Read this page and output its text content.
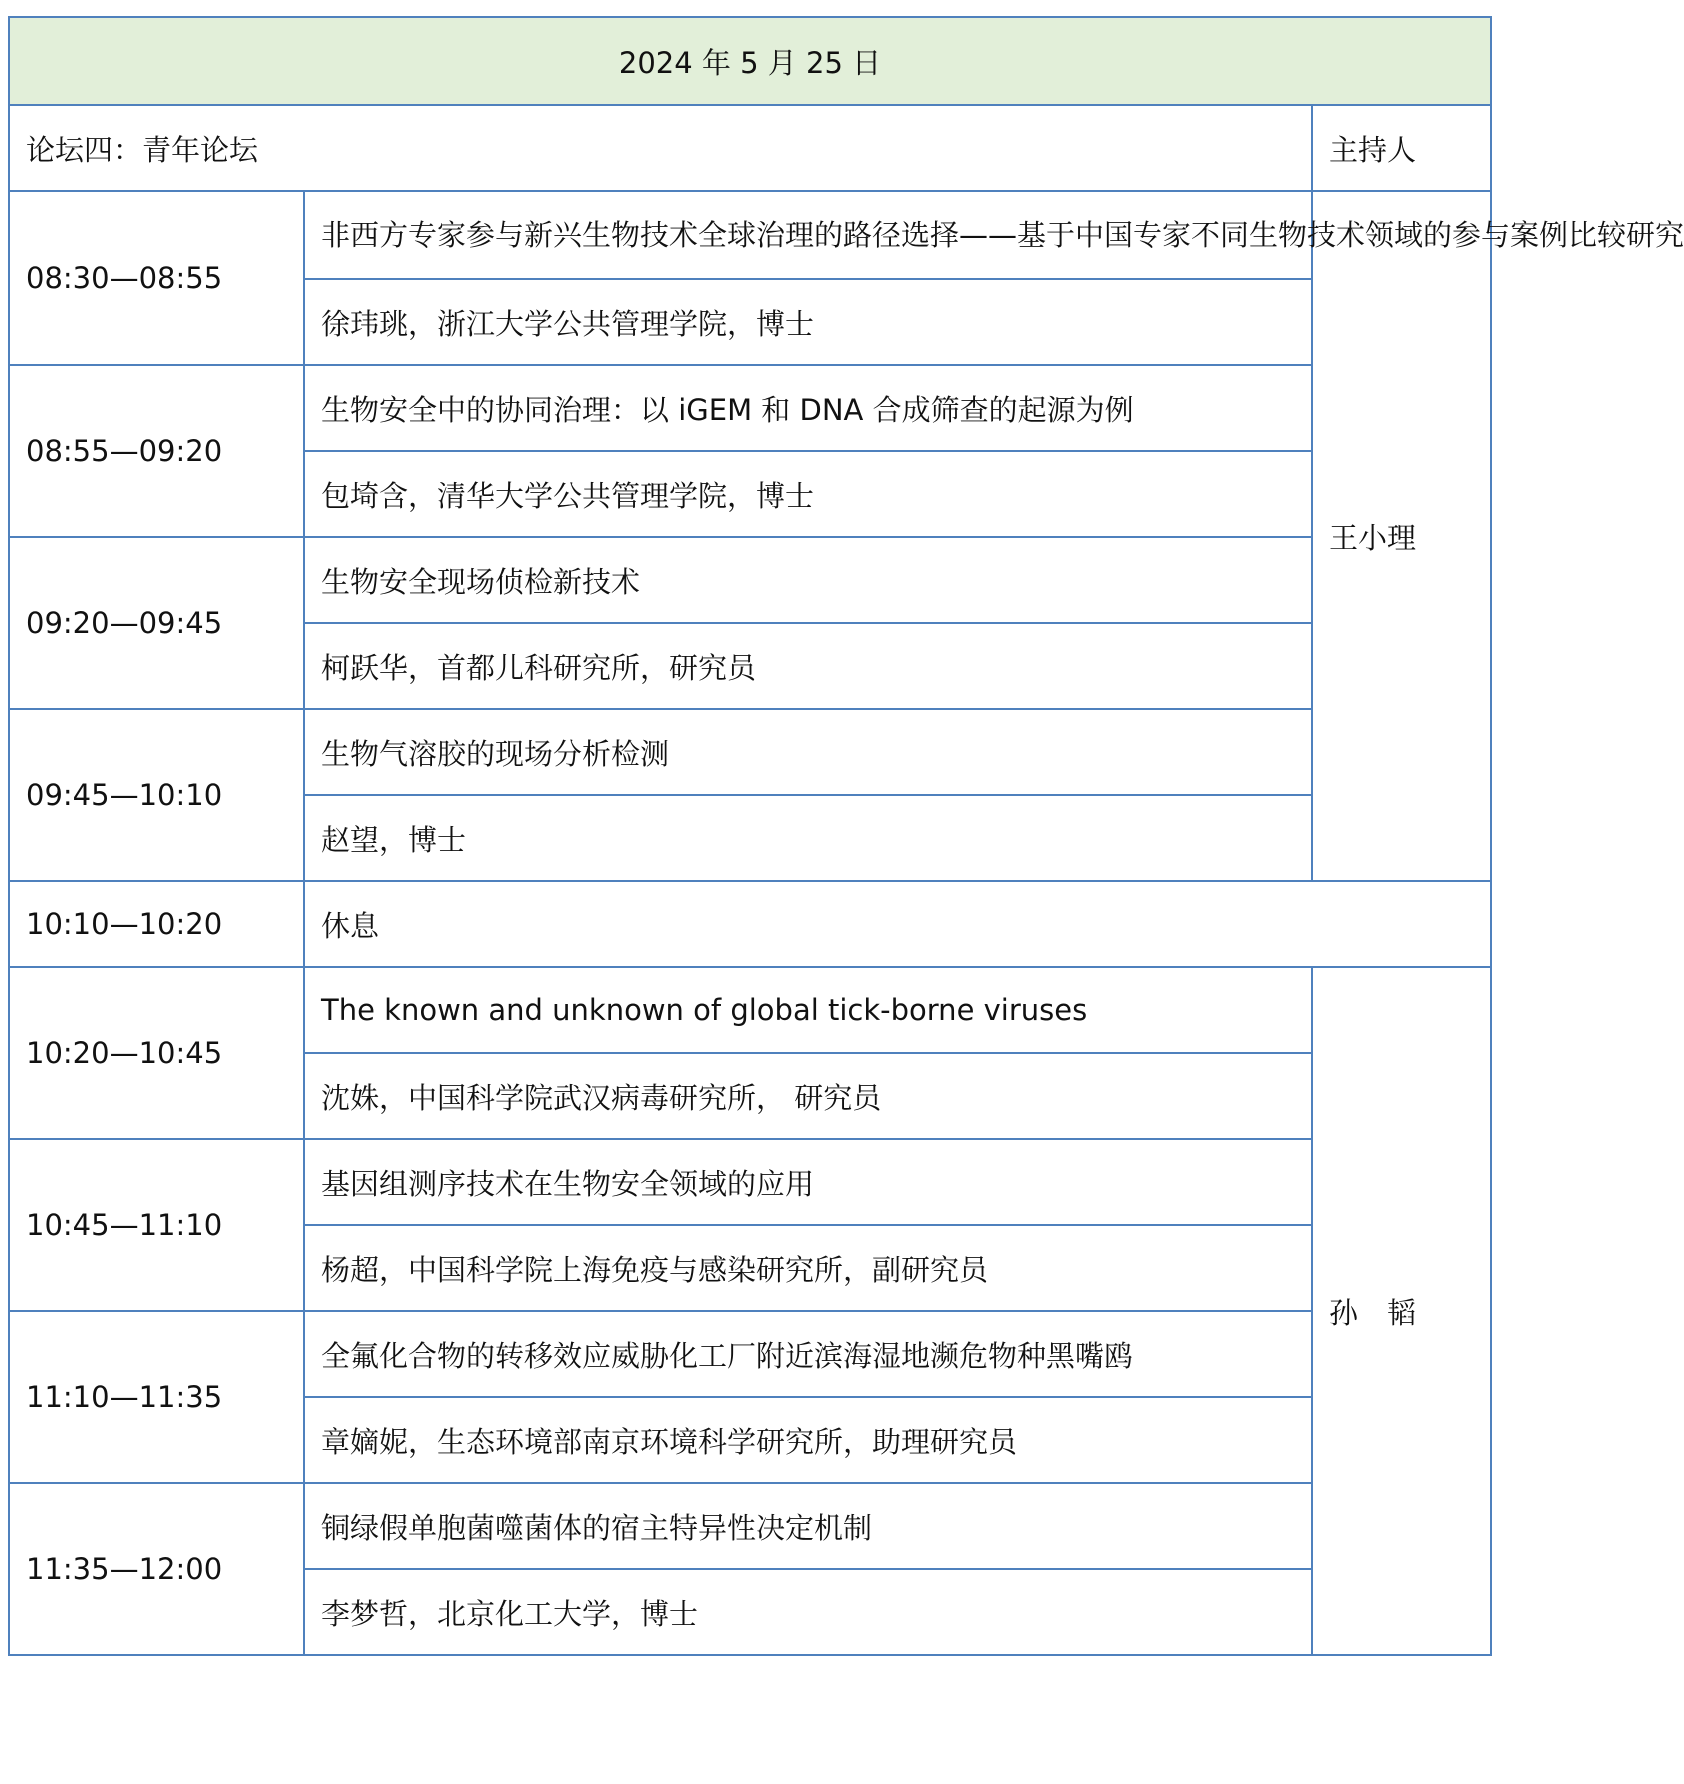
2024 年 5 月 25 日		
论坛四：青年论坛		主持人
08:30—08:55	非西方专家参与新兴生物技术全球治理的路径选择——基于中国专家不同生物技术领域的参与案例比较研究	王小理
	徐玮珧，浙江大学公共管理学院，博士	
08:55—09:20	生物安全中的协同治理：以 iGEM 和 DNA 合成筛查的起源为例	
	包埼含，清华大学公共管理学院，博士	
09:20—09:45	生物安全现场侦检新技术	
	柯跃华，首都儿科研究所，研究员	
09:45—10:10	生物气溶胶的现场分析检测	
	赵望，博士	
10:10—10:20	休息	
10:20—10:45	The known and unknown of global tick-borne viruses	孙　韬
	沈姝，中国科学院武汉病毒研究所， 研究员	
10:45—11:10	基因组测序技术在生物安全领域的应用	
	杨超，中国科学院上海免疫与感染研究所，副研究员	
11:10—11:35	全氟化合物的转移效应威胁化工厂附近滨海湿地濒危物种黑嘴鸥	
	章嫡妮，生态环境部南京环境科学研究所，助理研究员	
11:35—12:00	铜绿假单胞菌噬菌体的宿主特异性决定机制	
	李梦哲，北京化工大学，博士	
